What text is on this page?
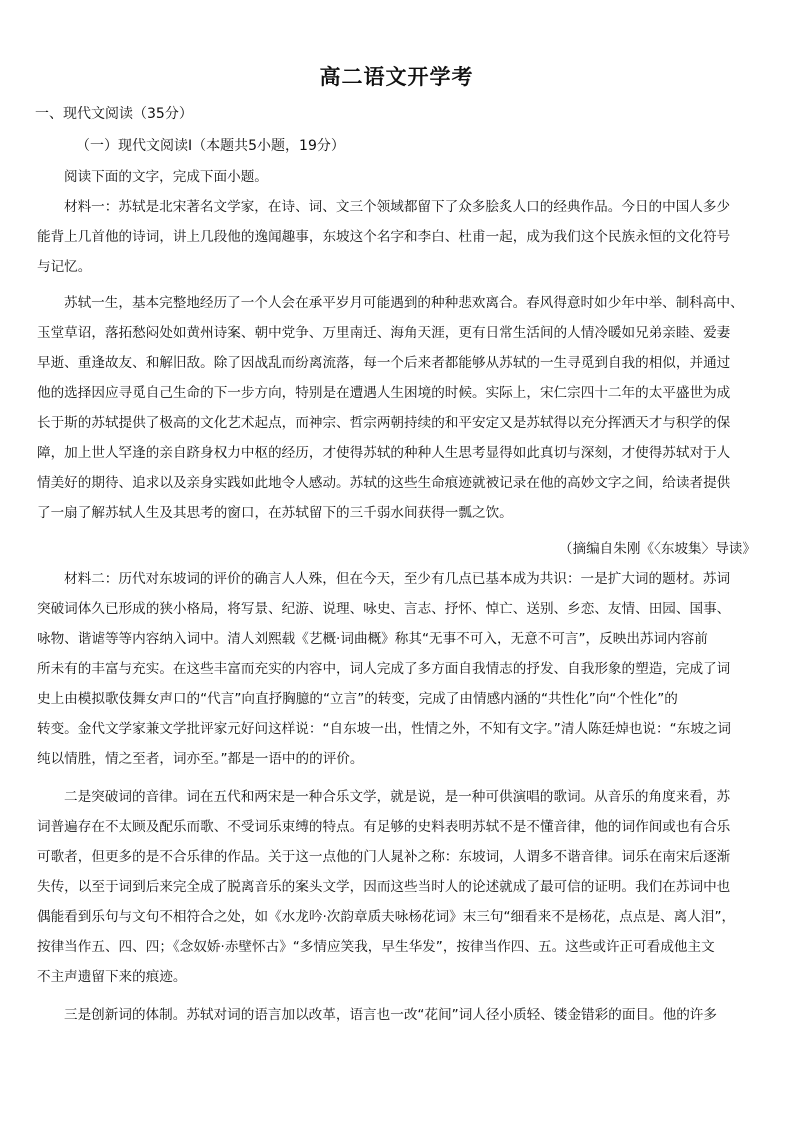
高二语文开学考
一、现代文阅读（35分）
（一）现代文阅读Ⅰ（本题共5小题，19分）
阅读下面的文字，完成下面小题。
材料一：苏轼是北宋著名文学家，在诗、词、文三个领域都留下了众多脍炙人口的经典作品。今日的中国人多少
能背上几首他的诗词，讲上几段他的逸闻趣事，东坡这个名字和李白、杜甫一起，成为我们这个民族永恒的文化符号
与记忆。
苏轼一生，基本完整地经历了一个人会在承平岁月可能遇到的种种悲欢离合。春风得意时如少年中举、制科高中、
玉堂草诏，落拓愁闷处如黄州诗案、朝中党争、万里南迁、海角天涯，更有日常生活间的人情冷暖如兄弟亲睦、爱妻
早逝、重逢故友、和解旧敌。除了因战乱而纷离流落，每一个后来者都能够从苏轼的一生寻觅到自我的相似，并通过
他的选择因应寻觅自己生命的下一步方向，特别是在遭遇人生困境的时候。实际上，宋仁宗四十二年的太平盛世为成
长于斯的苏轼提供了极高的文化艺术起点，而神宗、哲宗两朝持续的和平安定又是苏轼得以充分挥洒天才与积学的保
障，加上世人罕逢的亲自跻身权力中枢的经历，才使得苏轼的种种人生思考显得如此真切与深刻，才使得苏轼对于人
情美好的期待、追求以及亲身实践如此地令人感动。苏轼的这些生命痕迹就被记录在他的高妙文字之间，给读者提供
了一扇了解苏轼人生及其思考的窗口，在苏轼留下的三千弱水间获得一瓢之饮。
（摘编自朱刚《〈东坡集〉导读》
材料二：历代对东坡词的评价的确言人人殊，但在今天，至少有几点已基本成为共识：一是扩大词的题材。苏词
突破词体久已形成的狭小格局，将写景、纪游、说理、咏史、言志、抒怀、悼亡、送别、乡恋、友情、田园、国事、
咏物、谐谑等等内容纳入词中。清人刘熙载《艺概·词曲概》称其“无事不可入，无意不可言”，反映出苏词内容前
所未有的丰富与充实。在这些丰富而充实的内容中，词人完成了多方面自我情志的抒发、自我形象的塑造，完成了词
史上由模拟歌伎舞女声口的“代言”向直抒胸臆的“立言”的转变，完成了由情感内涵的“共性化”向“个性化”的
转变。金代文学家兼文学批评家元好问这样说：“自东坡一出，性情之外，不知有文字。”清人陈廷焯也说：“东坡之词
纯以情胜，情之至者，词亦至。”都是一语中的的评价。
二是突破词的音律。词在五代和两宋是一种合乐文学，就是说，是一种可供演唱的歌词。从音乐的角度来看，苏
词普遍存在不太顾及配乐而歌、不受词乐束缚的特点。有足够的史料表明苏轼不是不懂音律，他的词作间或也有合乐
可歌者，但更多的是不合乐律的作品。关于这一点他的门人晁补之称：东坡词，人谓多不谐音律。词乐在南宋后逐渐
失传，以至于词到后来完全成了脱离音乐的案头文学，因而这些当时人的论述就成了最可信的证明。我们在苏词中也
偶能看到乐句与文句不相符合之处，如《水龙吟·次韵章质夫咏杨花词》末三句“细看来不是杨花，点点是、离人泪”，
按律当作五、四、四；《念奴娇·赤壁怀古》“多情应笑我，早生华发”，按律当作四、五。这些或许正可看成他主文
不主声遗留下来的痕迹。
三是创新词的体制。苏轼对词的语言加以改革，语言也一改“花间”词人径小质轻、镂金错彩的面目。他的许多
